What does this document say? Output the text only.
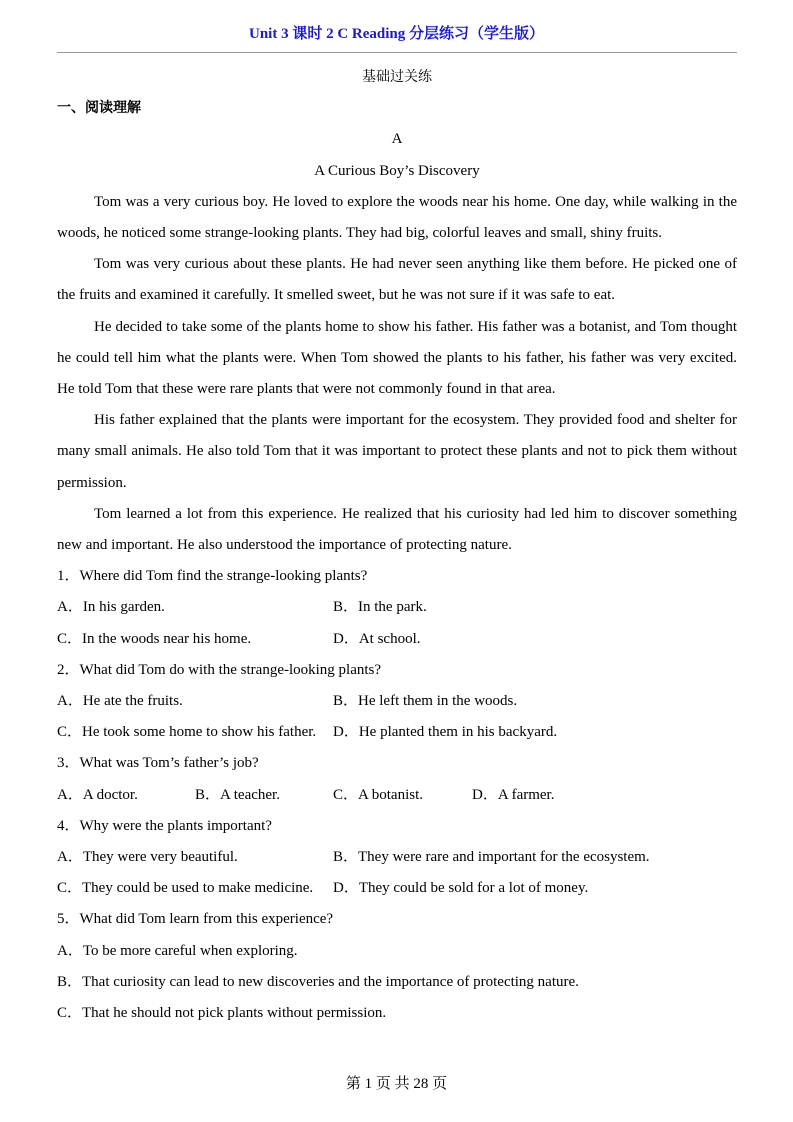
Unit 3 课时 2 C Reading 分层练习（学生版）
基础过关练
一、阅读理解
A
A Curious Boy’s Discovery
Tom was a very curious boy. He loved to explore the woods near his home. One day, while walking in the woods, he noticed some strange-looking plants. They had big, colorful leaves and small, shiny fruits.
Tom was very curious about these plants. He had never seen anything like them before. He picked one of the fruits and examined it carefully. It smelled sweet, but he was not sure if it was safe to eat.
He decided to take some of the plants home to show his father. His father was a botanist, and Tom thought he could tell him what the plants were. When Tom showed the plants to his father, his father was very excited. He told Tom that these were rare plants that were not commonly found in that area.
His father explained that the plants were important for the ecosystem. They provided food and shelter for many small animals. He also told Tom that it was important to protect these plants and not to pick them without permission.
Tom learned a lot from this experience. He realized that his curiosity had led him to discover something new and important. He also understood the importance of protecting nature.
1．Where did Tom find the strange-looking plants?
A．In his garden.	B．In the park.
C．In the woods near his home.	D．At school.
2．What did Tom do with the strange-looking plants?
A．He ate the fruits.	B．He left them in the woods.
C．He took some home to show his father. D．He planted them in his backyard.
3．What was Tom’s father’s job?
A．A doctor.	B．A teacher.	C．A botanist.	D．A farmer.
4．Why were the plants important?
A．They were very beautiful.	B．They were rare and important for the ecosystem.
C．They could be used to make medicine. D．They could be sold for a lot of money.
5．What did Tom learn from this experience?
A．To be more careful when exploring.
B．That curiosity can lead to new discoveries and the importance of protecting nature.
C．That he should not pick plants without permission.
第 1 页 共 28 页
